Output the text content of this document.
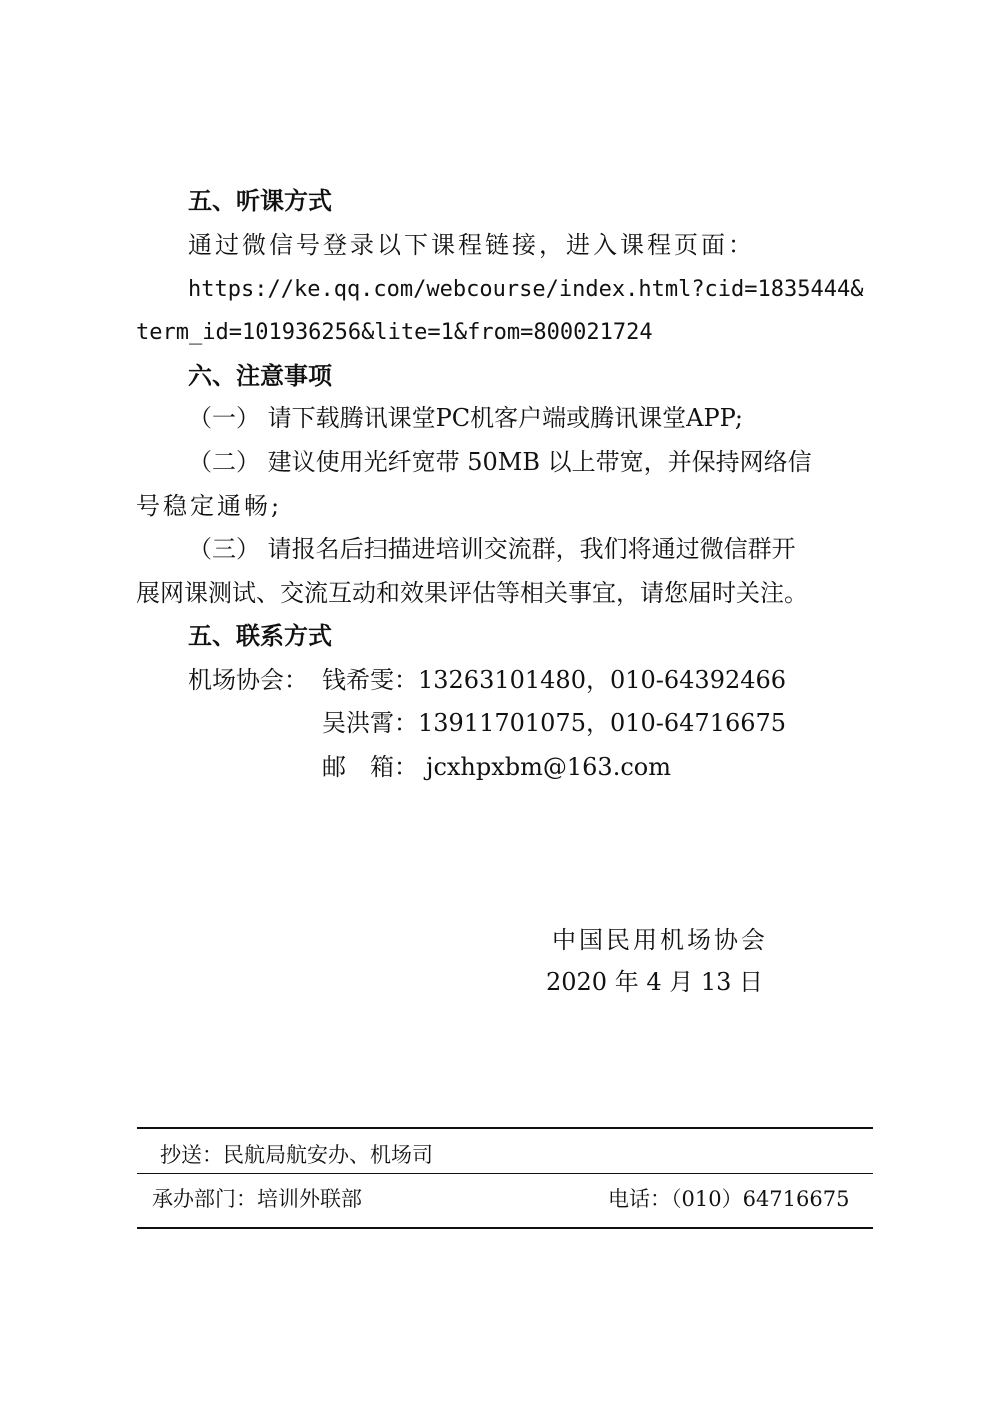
五、听课方式
通过微信号登录以下课程链接，进入课程页面：
https://ke.qq.com/webcourse/index.html?cid=1835444&
term_id=101936256&lite=1&from=800021724
六、注意事项
（一） 请下载腾讯课堂PC机客户端或腾讯课堂APP;
（二） 建议使用光纤宽带 50MB 以上带宽，并保持网络信
号稳定通畅;
（三） 请报名后扫描进培训交流群，我们将通过微信群开
展网课测试、交流互动和效果评估等相关事宜，请您届时关注。
五、联系方式
机场协会： 钱希雯：13263101480，010-64392466
吴洪霄：13911701075，010-64716675
邮　箱： jcxhpxbm@163.com
中国民用机场协会
2020 年 4 月 13 日
抄送：民航局航安办、机场司
承办部门：培训外联部	电话：（010）64716675
